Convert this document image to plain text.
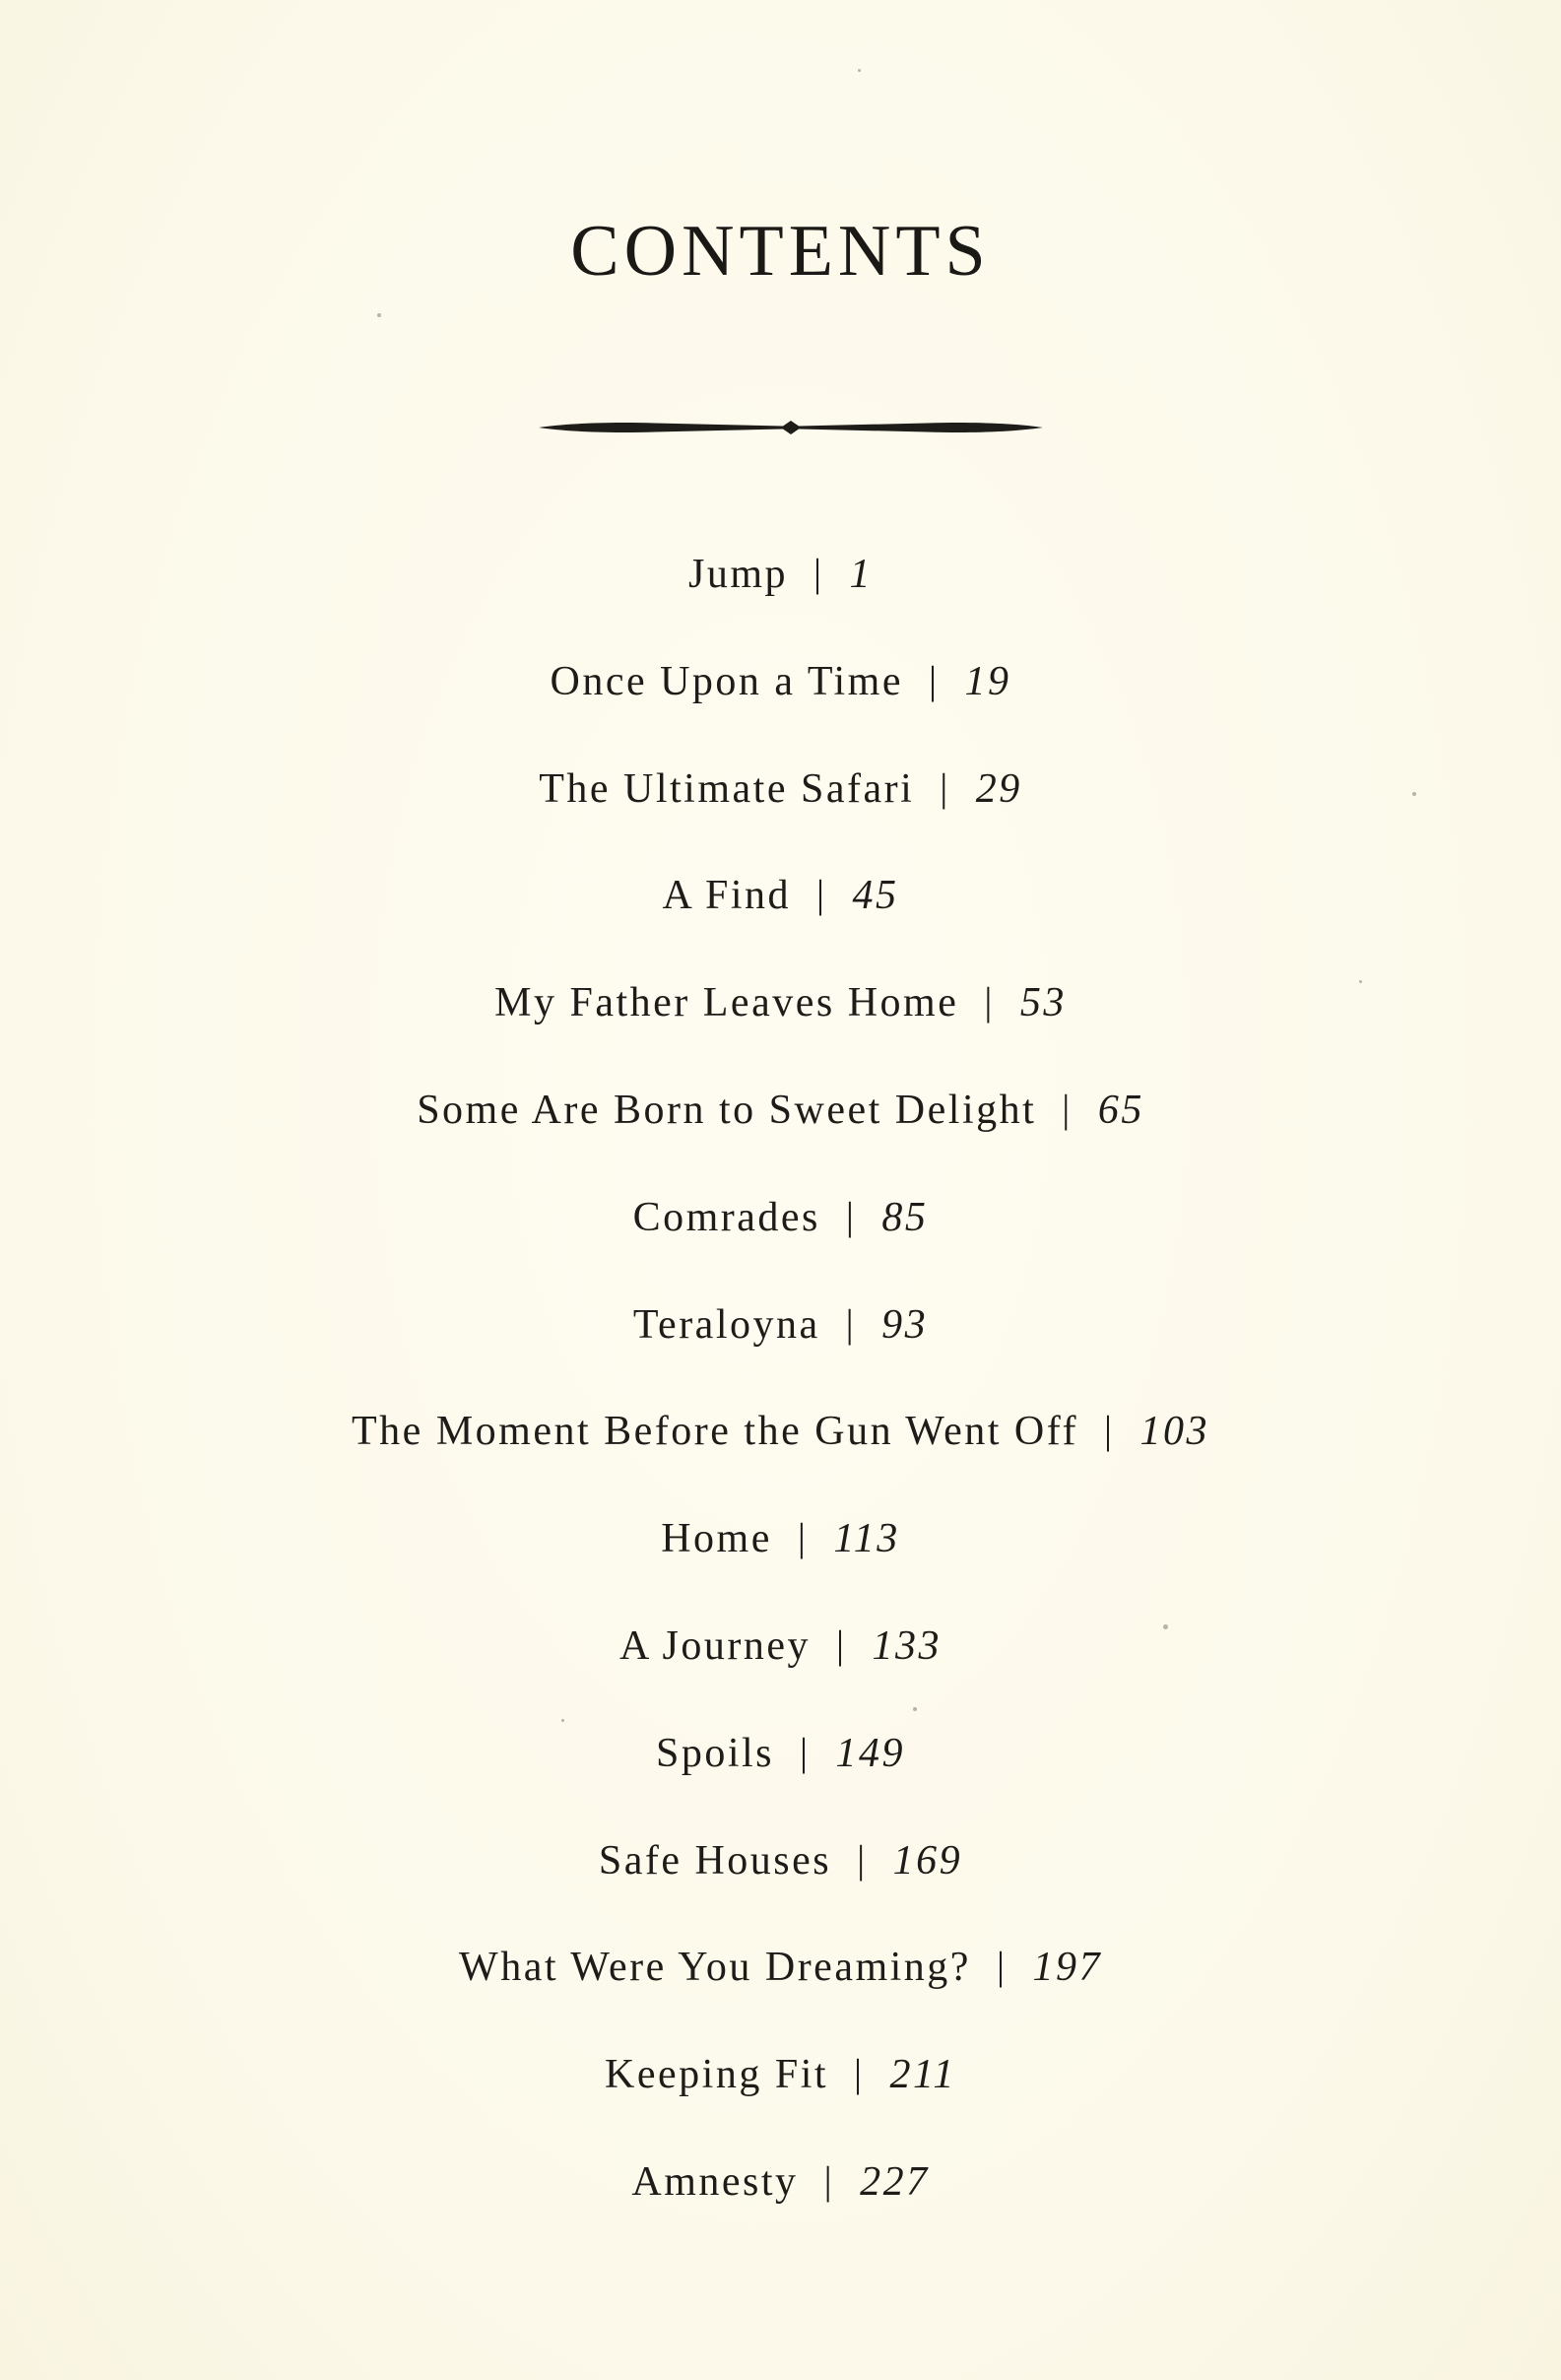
CONTENTS
Jump | 1
Once Upon a Time | 19
The Ultimate Safari | 29
A Find | 45
My Father Leaves Home | 53
Some Are Born to Sweet Delight | 65
Comrades | 85
Teraloyna | 93
The Moment Before the Gun Went Off | 103
Home | 113
A Journey | 133
Spoils | 149
Safe Houses | 169
What Were You Dreaming? | 197
Keeping Fit | 211
Amnesty | 227
